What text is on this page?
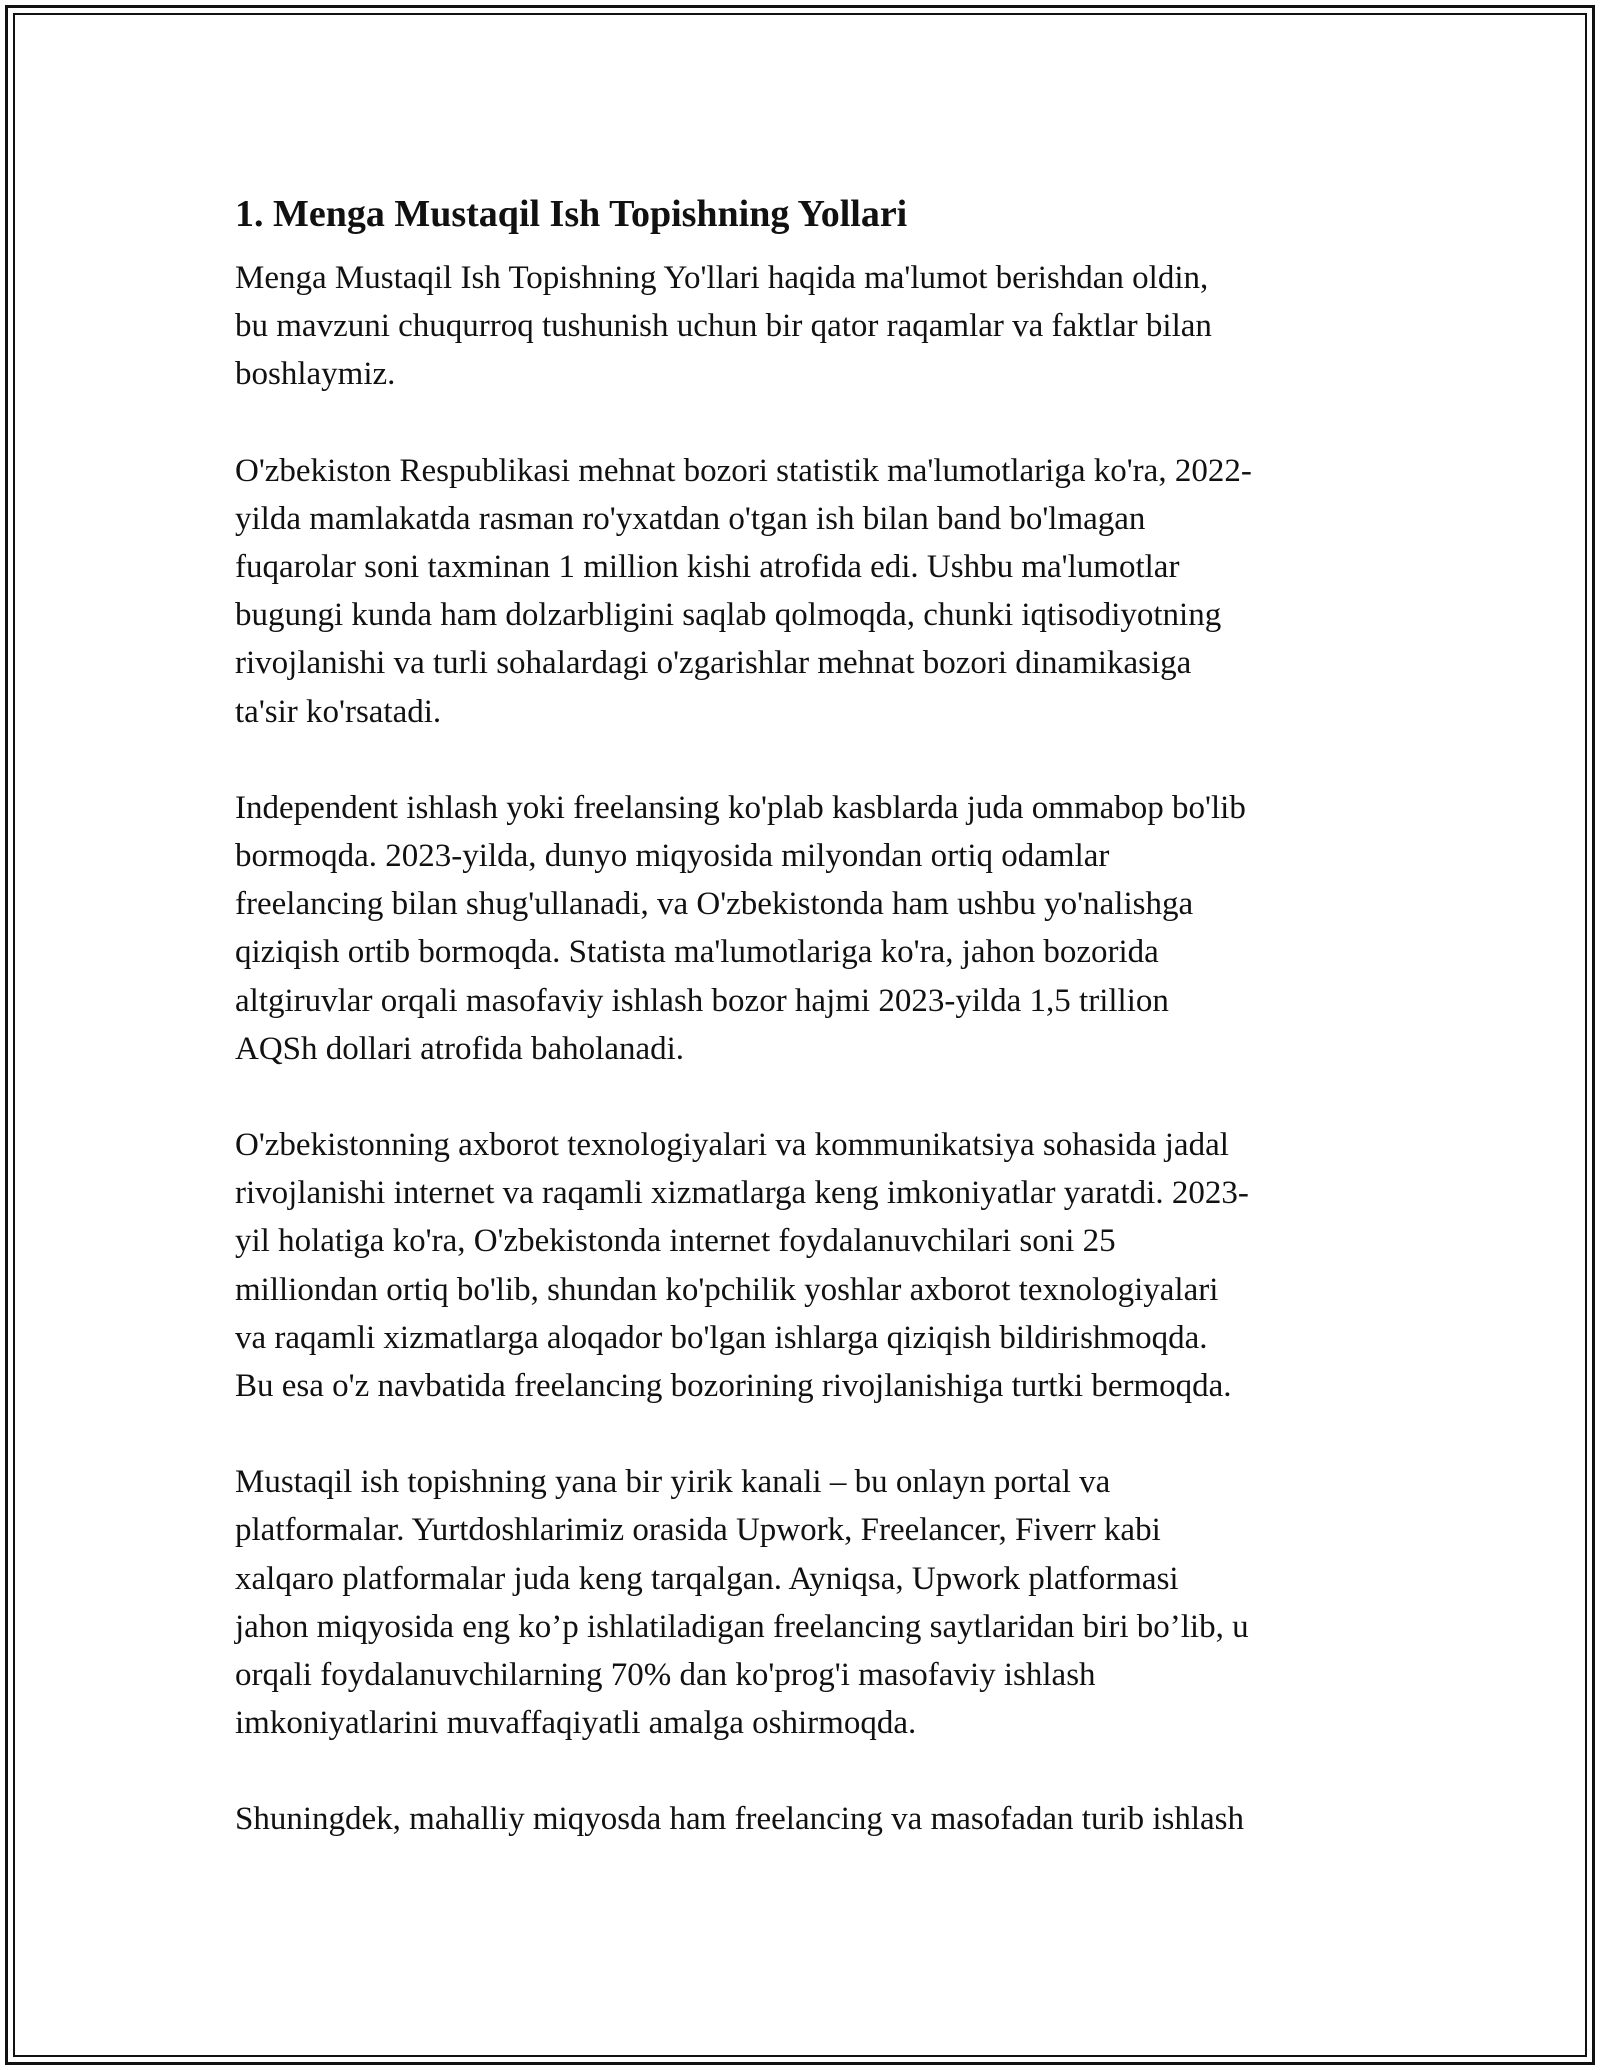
1. Menga Mustaqil Ish Topishning Yollari

Menga Mustaqil Ish Topishning Yo'llari haqida ma'lumot berishdan oldin,
bu mavzuni chuqurroq tushunish uchun bir qator raqamlar va faktlar bilan
boshlaymiz.

O'zbekiston Respublikasi mehnat bozori statistik ma'lumotlariga ko'ra, 2022-
yilda mamlakatda rasman ro'yxatdan o'tgan ish bilan band bo'lmagan
fuqarolar soni taxminan 1 million kishi atrofida edi. Ushbu ma'lumotlar
bugungi kunda ham dolzarbligini saqlab qolmoqda, chunki iqtisodiyotning
rivojlanishi va turli sohalardagi o'zgarishlar mehnat bozori dinamikasiga
ta'sir ko'rsatadi.

Independent ishlash yoki freelansing ko'plab kasblarda juda ommabop bo'lib
bormoqda. 2023-yilda, dunyo miqyosida milyondan ortiq odamlar
freelancing bilan shug'ullanadi, va O'zbekistonda ham ushbu yo'nalishga
qiziqish ortib bormoqda. Statista ma'lumotlariga ko'ra, jahon bozorida
altgiruvlar orqali masofaviy ishlash bozor hajmi 2023-yilda 1,5 trillion
AQSh dollari atrofida baholanadi.

O'zbekistonning axborot texnologiyalari va kommunikatsiya sohasida jadal
rivojlanishi internet va raqamli xizmatlarga keng imkoniyatlar yaratdi. 2023-
yil holatiga ko'ra, O'zbekistonda internet foydalanuvchilari soni 25
milliondan ortiq bo'lib, shundan ko'pchilik yoshlar axborot texnologiyalari
va raqamli xizmatlarga aloqador bo'lgan ishlarga qiziqish bildirishmoqda.
Bu esa o'z navbatida freelancing bozorining rivojlanishiga turtki bermoqda.

Mustaqil ish topishning yana bir yirik kanali – bu onlayn portal va
platformalar. Yurtdoshlarimiz orasida Upwork, Freelancer, Fiverr kabi
xalqaro platformalar juda keng tarqalgan. Ayniqsa, Upwork platformasi
jahon miqyosida eng ko’p ishlatiladigan freelancing saytlaridan biri bo’lib, u
orqali foydalanuvchilarning 70% dan ko'prog'i masofaviy ishlash
imkoniyatlarini muvaffaqiyatli amalga oshirmoqda.

Shuningdek, mahalliy miqyosda ham freelancing va masofadan turib ishlash
